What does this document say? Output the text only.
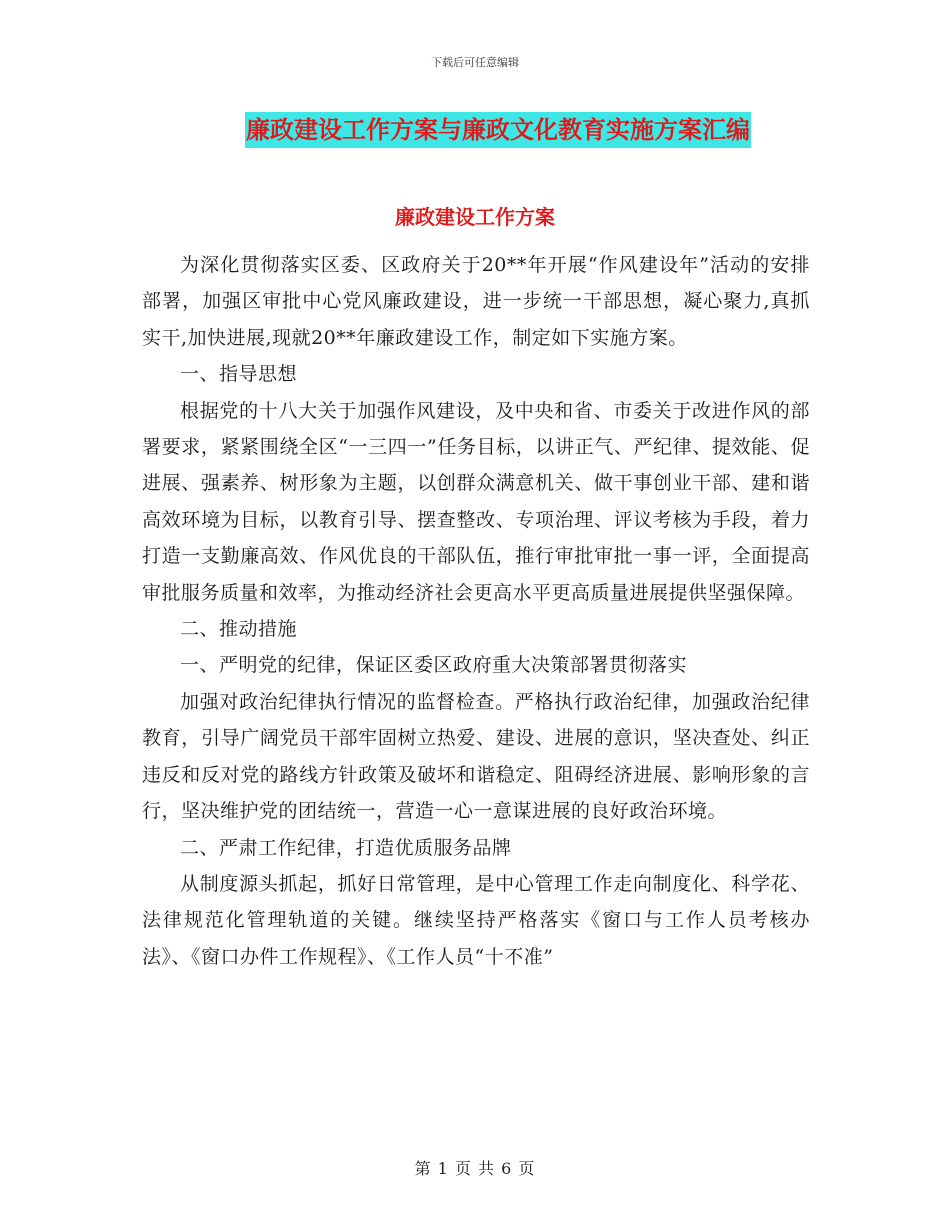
下载后可任意编辑
廉政建设工作方案与廉政文化教育实施方案汇编
廉政建设工作方案

为深化贯彻落实区委、区政府关于20**年开展“作风建设年”活动的安排部署，加强区审批中心党风廉政建设，进一步统一干部思想，凝心聚力,真抓实干,加快进展,现就20**年廉政建设工作，制定如下实施方案。

一、指导思想

根据党的十八大关于加强作风建设，及中央和省、市委关于改进作风的部署要求，紧紧围绕全区“一三四一”任务目标，以讲正气、严纪律、提效能、促进展、强素养、树形象为主题，以创群众满意机关、做干事创业干部、建和谐高效环境为目标，以教育引导、摆查整改、专项治理、评议考核为手段，着力打造一支勤廉高效、作风优良的干部队伍，推行审批审批一事一评，全面提高审批服务质量和效率，为推动经济社会更高水平更高质量进展提供坚强保障。

二、推动措施

一、严明党的纪律，保证区委区政府重大决策部署贯彻落实

加强对政治纪律执行情况的监督检查。严格执行政治纪律，加强政治纪律教育，引导广阔党员干部牢固树立热爱、建设、进展的意识，坚决查处、纠正违反和反对党的路线方针政策及破坏和谐稳定、阻碍经济进展、影响形象的言行，坚决维护党的团结统一，营造一心一意谋进展的良好政治环境。

二、严肃工作纪律，打造优质服务品牌

从制度源头抓起，抓好日常管理，是中心管理工作走向制度化、科学花、法律规范化管理轨道的关键。继续坚持严格落实《窗口与工作人员考核办法》、《窗口办件工作规程》、《工作人员“十不准”

第 1 页 共 6 页
